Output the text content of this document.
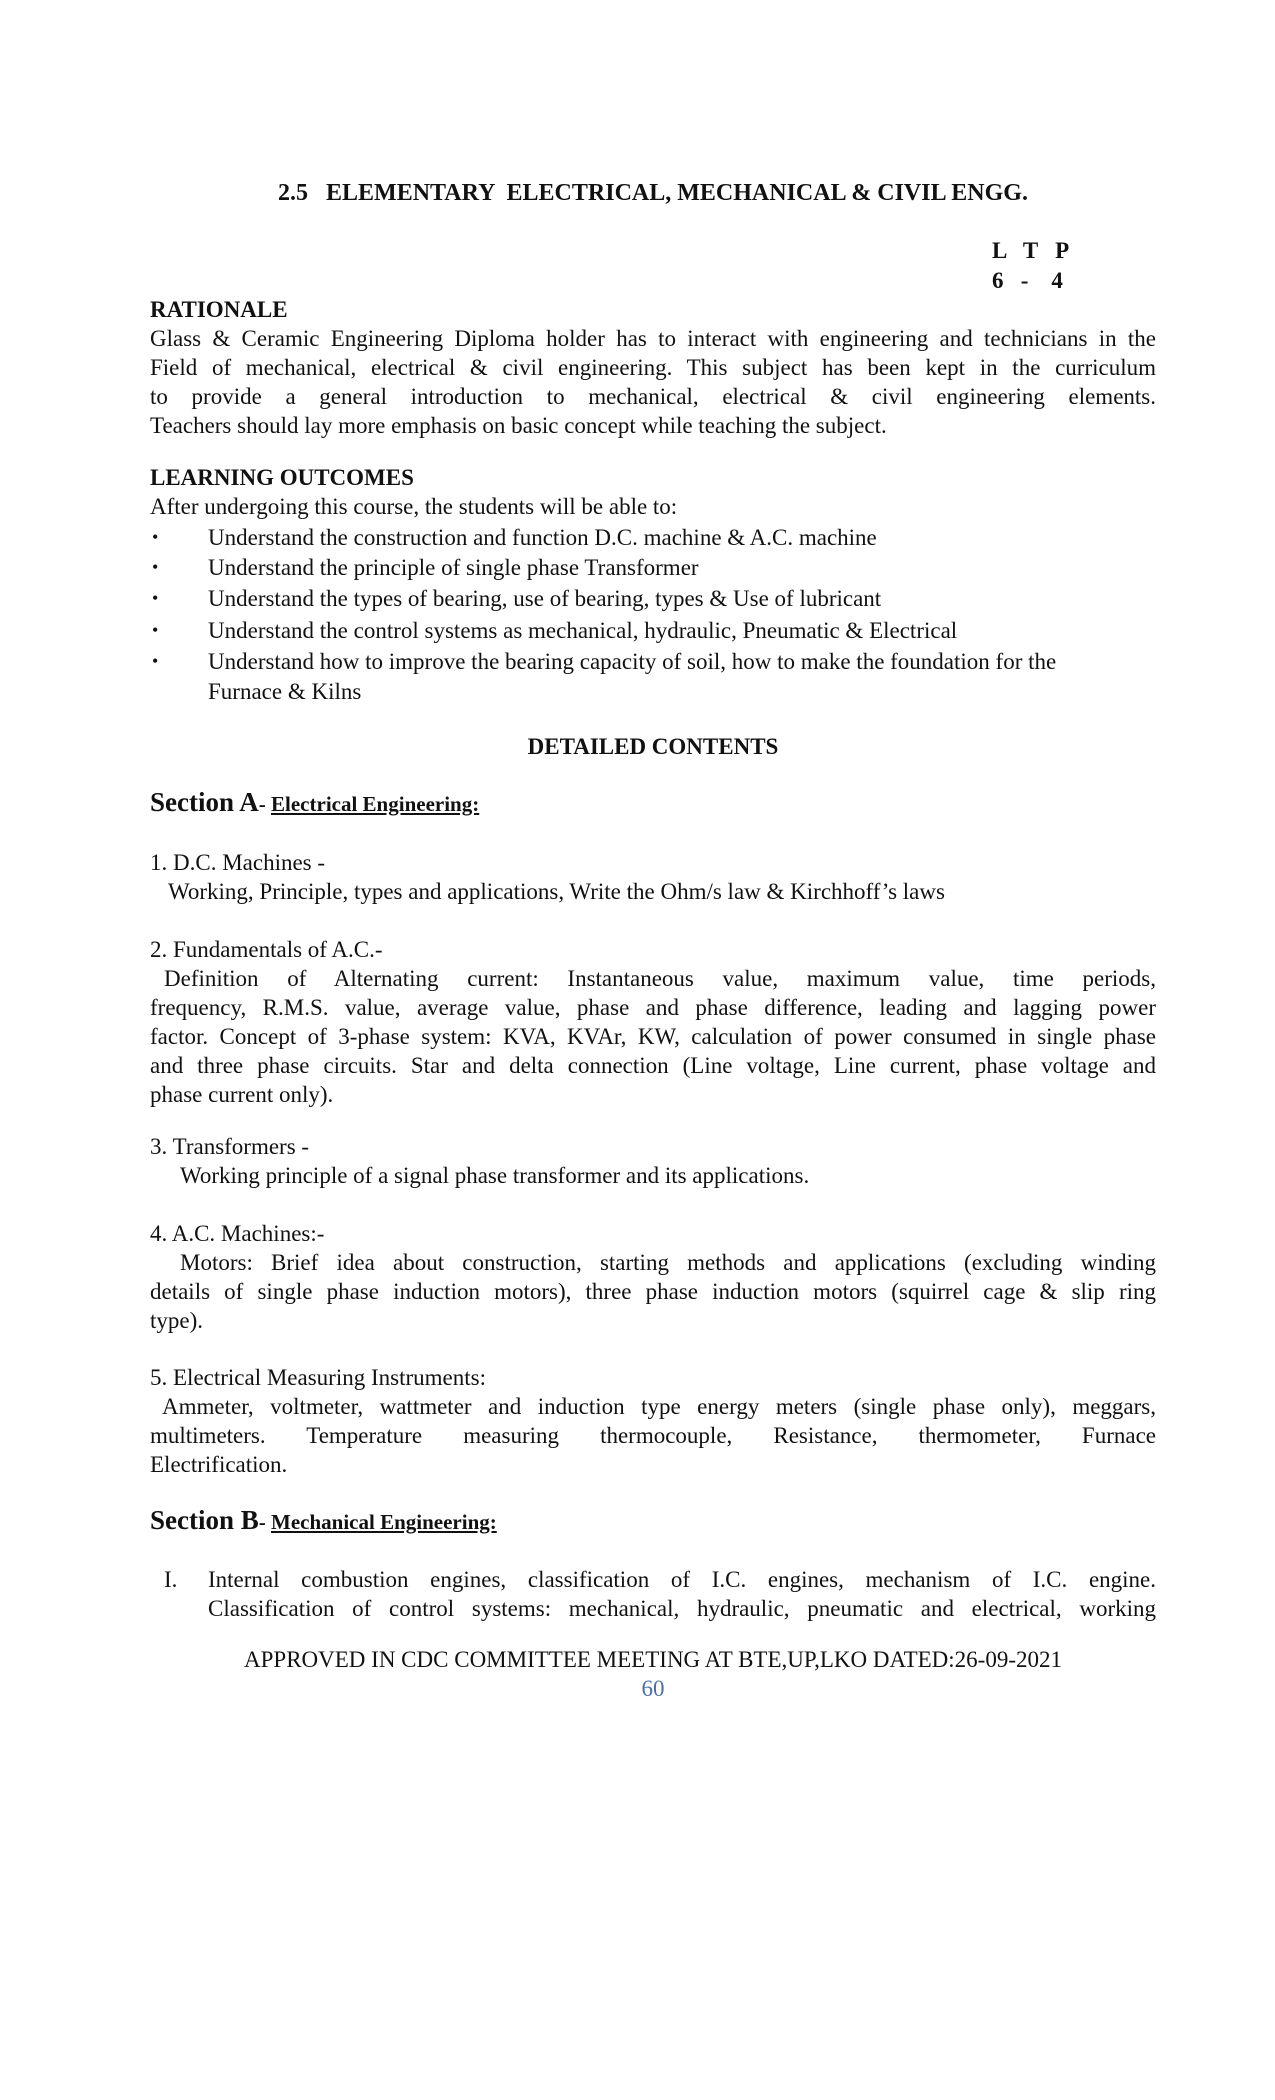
2.5   ELEMENTARY  ELECTRICAL, MECHANICAL & CIVIL ENGG.
L   T   P
6   -    4
RATIONALE
Glass & Ceramic Engineering Diploma holder has to interact with engineering and technicians in the
Field of mechanical, electrical & civil engineering. This subject has been kept in the curriculum
to provide a general introduction to mechanical, electrical & civil engineering elements.
Teachers should lay more emphasis on basic concept while teaching the subject.
LEARNING OUTCOMES
After undergoing this course, the students will be able to:
• Understand the construction and function D.C. machine & A.C. machine
• Understand the principle of single phase Transformer
• Understand the types of bearing, use of bearing, types & Use of lubricant
• Understand the control systems as mechanical, hydraulic, Pneumatic & Electrical
• Understand how to improve the bearing capacity of soil, how to make the foundation for the
Furnace & Kilns
DETAILED CONTENTS
Section A- Electrical Engineering:
1. D.C. Machines -
Working, Principle, types and applications, Write the Ohm/s law & Kirchhoff’s laws
2. Fundamentals of A.C.-
Definition of Alternating current: Instantaneous value, maximum value, time periods,
frequency, R.M.S. value, average value, phase and phase difference, leading and lagging power
factor. Concept of 3-phase system: KVA, KVAr, KW, calculation of power consumed in single phase
and three phase circuits. Star and delta connection (Line voltage, Line current, phase voltage and
phase current only).
3. Transformers -
Working principle of a signal phase transformer and its applications.
4. A.C. Machines:-
Motors: Brief idea about construction, starting methods and applications (excluding winding
details of single phase induction motors), three phase induction motors (squirrel cage & slip ring
type).
5. Electrical Measuring Instruments:
Ammeter, voltmeter, wattmeter and induction type energy meters (single phase only), meggars,
multimeters. Temperature measuring thermocouple, Resistance, thermometer, Furnace
Electrification.
Section B- Mechanical Engineering:
I. Internal combustion engines, classification of I.C. engines, mechanism of I.C. engine.
Classification of control systems: mechanical, hydraulic, pneumatic and electrical, working
APPROVED IN CDC COMMITTEE MEETING AT BTE,UP,LKO DATED:26-09-2021
60
